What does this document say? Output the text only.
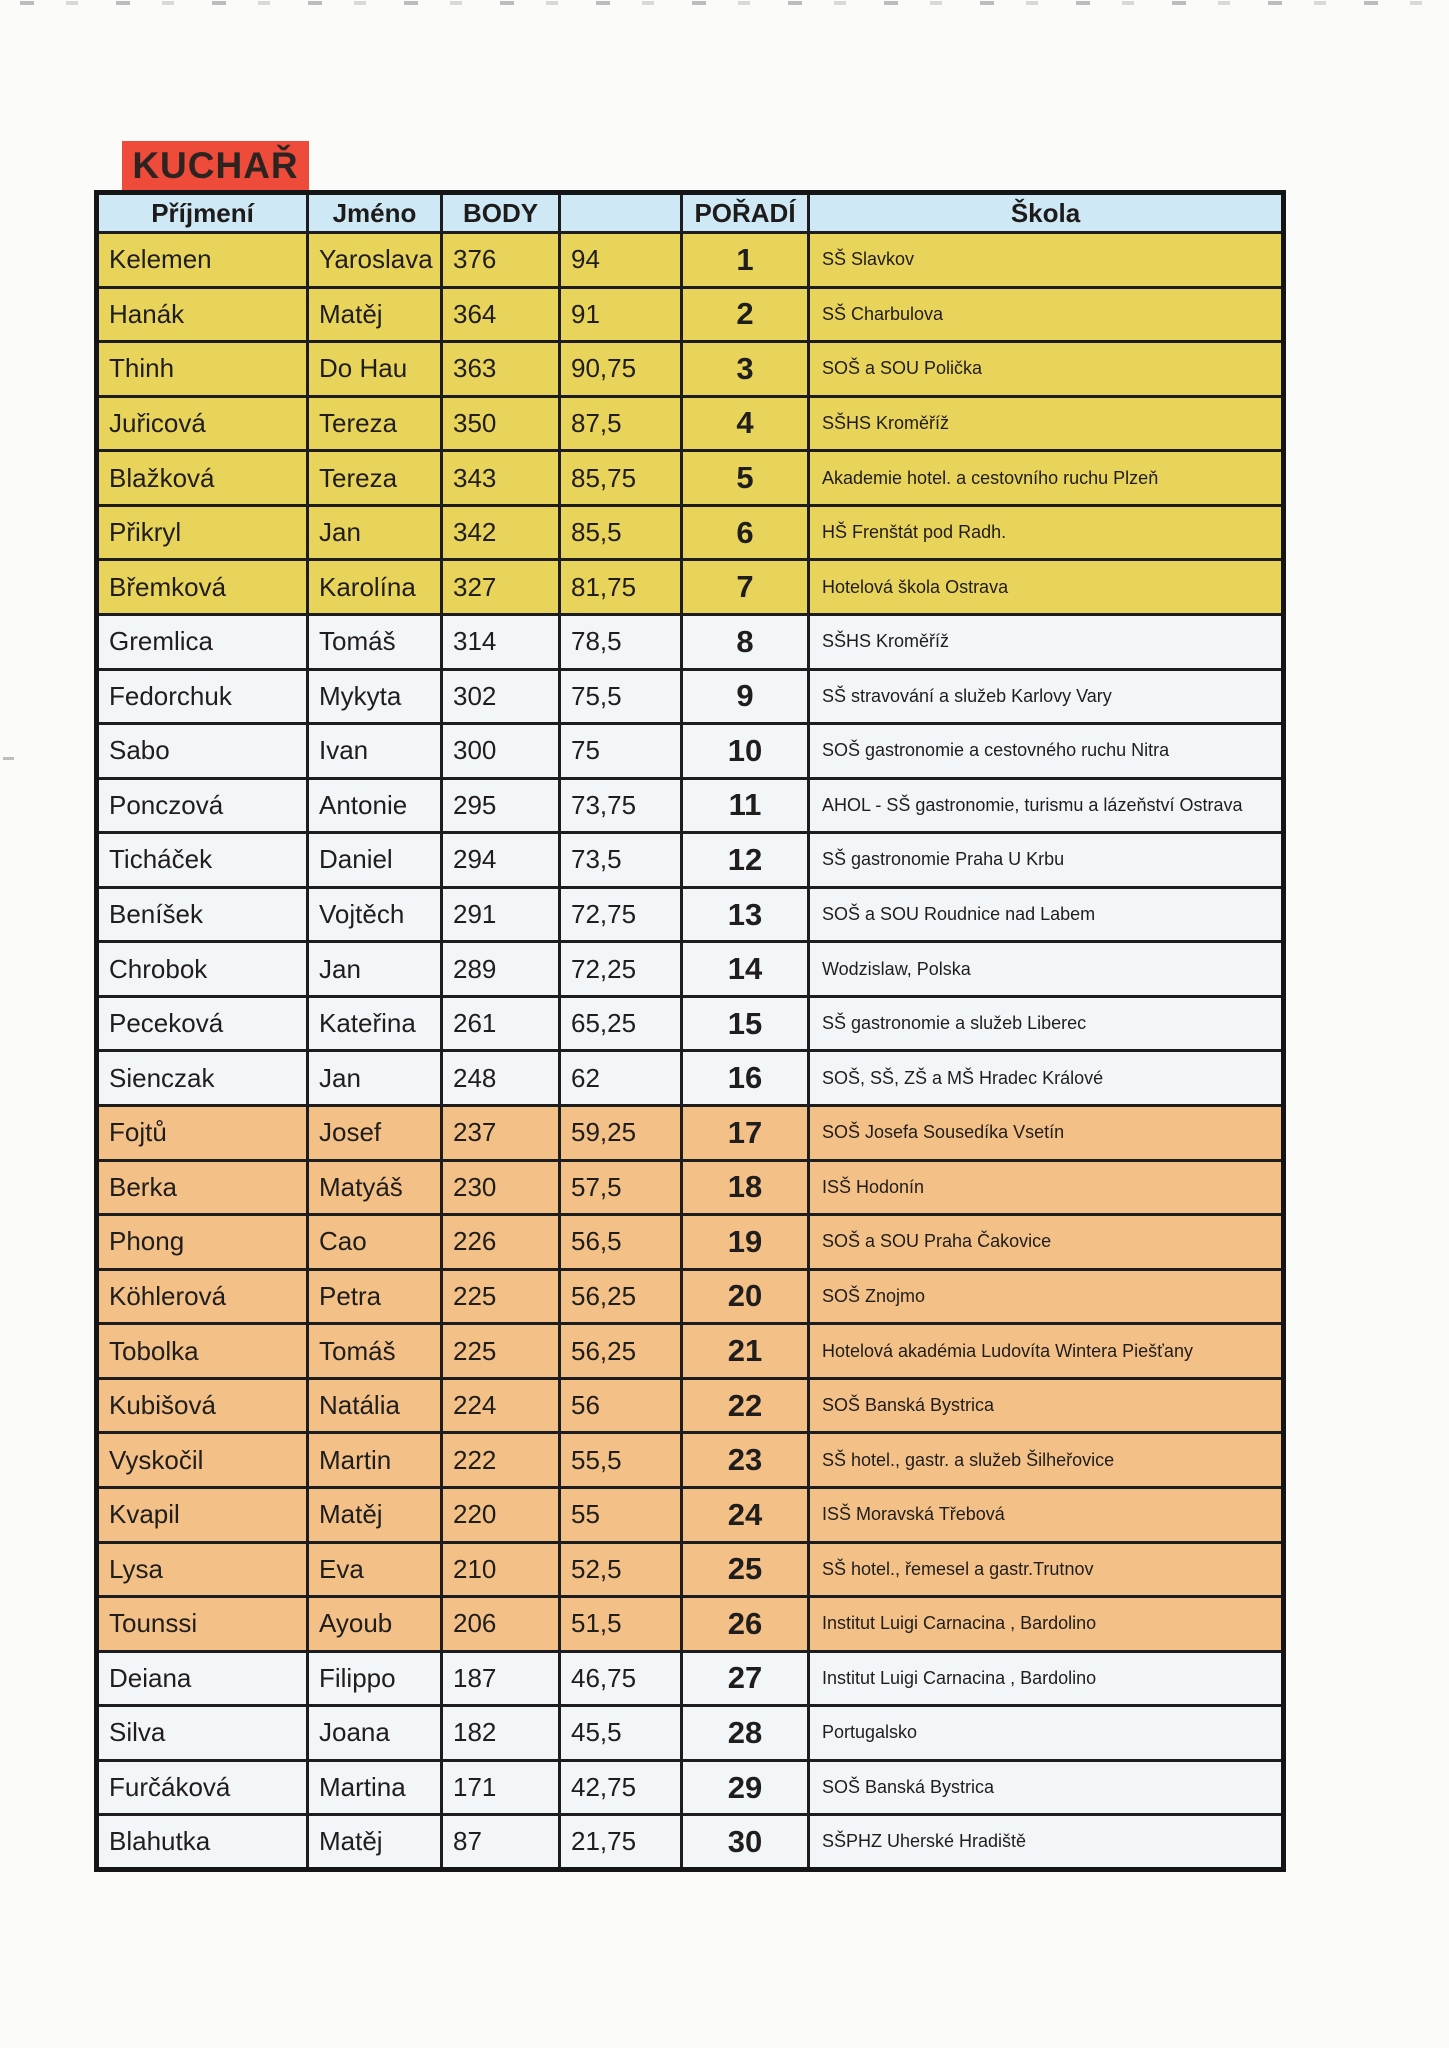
KUCHAŘ
Příjmení	Jméno	BODY		POŘADÍ	Škola
Kelemen	Yaroslava	376	94	1	SŠ Slavkov
Hanák	Matěj	364	91	2	SŠ Charbulova
Thinh	Do Hau	363	90,75	3	SOŠ a SOU Polička
Juřicová	Tereza	350	87,5	4	SŠHS Kroměříž
Blažková	Tereza	343	85,75	5	Akademie hotel. a cestovního ruchu Plzeň
Přikryl	Jan	342	85,5	6	HŠ Frenštát pod Radh.
Břemková	Karolína	327	81,75	7	Hotelová škola Ostrava
Gremlica	Tomáš	314	78,5	8	SŠHS Kroměříž
Fedorchuk	Mykyta	302	75,5	9	SŠ stravování a služeb Karlovy Vary
Sabo	Ivan	300	75	10	SOŠ gastronomie a cestovného ruchu Nitra
Ponczová	Antonie	295	73,75	11	AHOL - SŠ gastronomie, turismu a lázeňství Ostrava
Ticháček	Daniel	294	73,5	12	SŠ gastronomie Praha U Krbu
Beníšek	Vojtěch	291	72,75	13	SOŠ a SOU Roudnice nad Labem
Chrobok	Jan	289	72,25	14	Wodzislaw, Polska
Peceková	Kateřina	261	65,25	15	SŠ gastronomie a služeb Liberec
Sienczak	Jan	248	62	16	SOŠ, SŠ, ZŠ a MŠ Hradec Králové
Fojtů	Josef	237	59,25	17	SOŠ Josefa Sousedíka Vsetín
Berka	Matyáš	230	57,5	18	ISŠ Hodonín
Phong	Cao	226	56,5	19	SOŠ a SOU Praha Čakovice
Köhlerová	Petra	225	56,25	20	SOŠ Znojmo
Tobolka	Tomáš	225	56,25	21	Hotelová akadémia Ludovíta Wintera Piešťany
Kubišová	Natália	224	56	22	SOŠ Banská Bystrica
Vyskočil	Martin	222	55,5	23	SŠ hotel., gastr. a služeb Šilheřovice
Kvapil	Matěj	220	55	24	ISŠ Moravská Třebová
Lysa	Eva	210	52,5	25	SŠ hotel., řemesel a gastr.Trutnov
Tounssi	Ayoub	206	51,5	26	Institut Luigi Carnacina , Bardolino
Deiana	Filippo	187	46,75	27	Institut Luigi Carnacina , Bardolino
Silva	Joana	182	45,5	28	Portugalsko
Furčáková	Martina	171	42,75	29	SOŠ Banská Bystrica
Blahutka	Matěj	87	21,75	30	SŠPHZ Uherské Hradiště
